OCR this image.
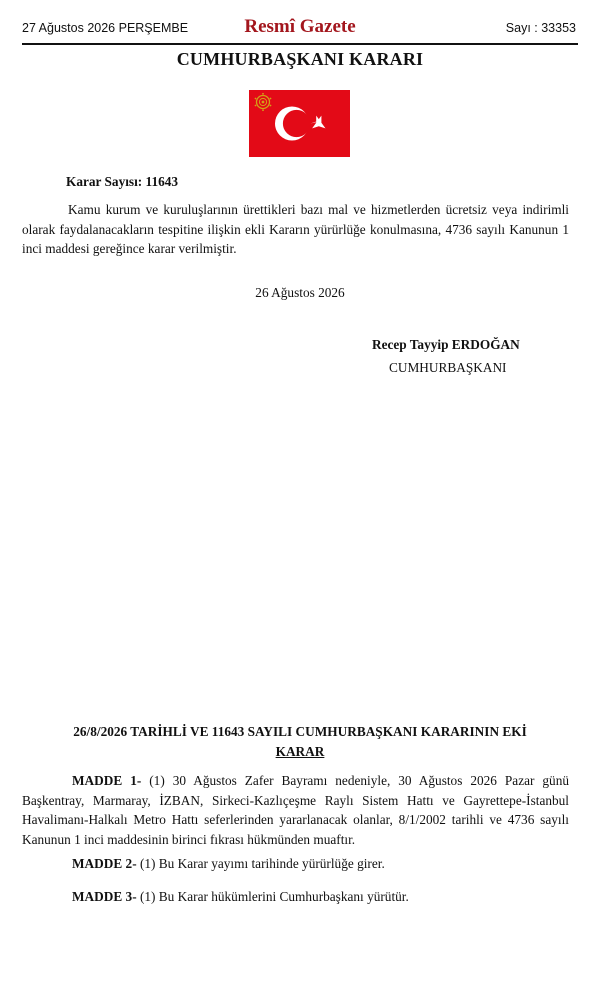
27 Ağustos 2026 PERŞEMBE	Resmî Gazete	Sayı : 33353
CUMHURBAŞKANI KARARI
Karar Sayısı: 11643
Kamu kurum ve kuruluşlarının ürettikleri bazı mal ve hizmetlerden ücretsiz veya indirimli olarak faydalanacakların tespitine ilişkin ekli Kararın yürürlüğe konulmasına, 4736 sayılı Kanunun 1 inci maddesi gereğince karar verilmiştir.
26 Ağustos 2026
Recep Tayyip ERDOĞAN
CUMHURBAŞKANI
26/8/2026 TARİHLİ VE 11643 SAYILI CUMHURBAŞKANI KARARININ EKİ
KARAR
MADDE 1- (1) 30 Ağustos Zafer Bayramı nedeniyle, 30 Ağustos 2026 Pazar günü Başkentray, Marmaray, İZBAN, Sirkeci-Kazlıçeşme Raylı Sistem Hattı ve Gayrettepe-İstanbul Havalimanı-Halkalı Metro Hattı seferlerinden yararlanacak olanlar, 8/1/2002 tarihli ve 4736 sayılı Kanunun 1 inci maddesinin birinci fıkrası hükmünden muaftır.
MADDE 2- (1) Bu Karar yayımı tarihinde yürürlüğe girer.
MADDE 3- (1) Bu Karar hükümlerini Cumhurbaşkanı yürütür.
